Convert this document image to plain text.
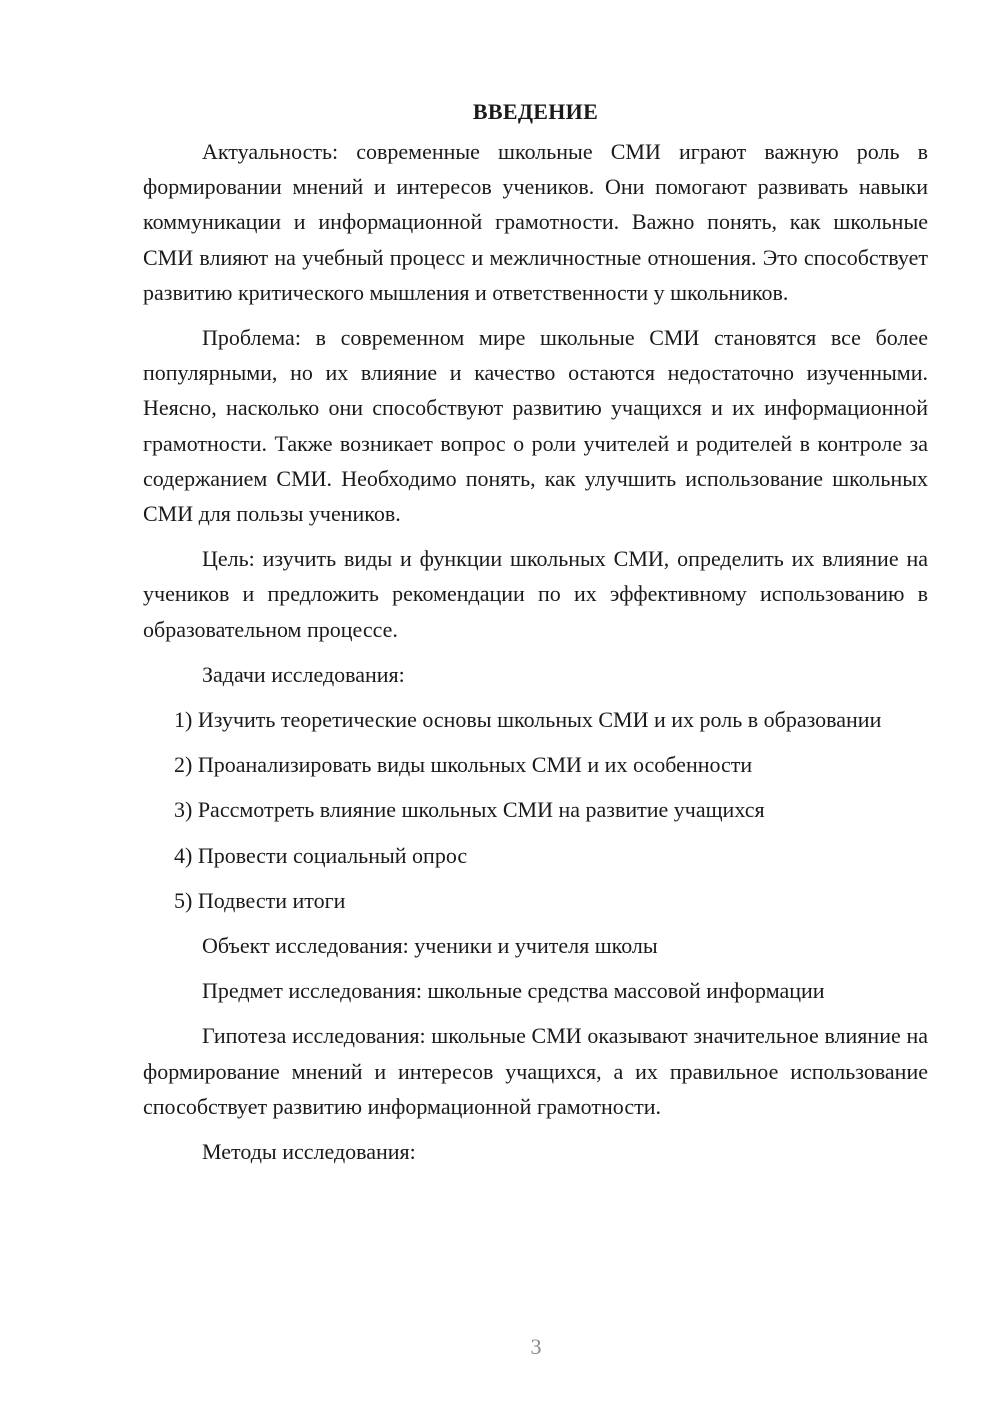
ВВЕДЕНИЕ

Актуальность: современные школьные СМИ играют важную роль в формировании мнений и интересов учеников. Они помогают развивать навыки коммуникации и информационной грамотности. Важно понять, как школьные СМИ влияют на учебный процесс и межличностные отношения. Это способствует развитию критического мышления и ответственности у школьников.

Проблема: в современном мире школьные СМИ становятся все более популярными, но их влияние и качество остаются недостаточно изученными. Неясно, насколько они способствуют развитию учащихся и их информационной грамотности. Также возникает вопрос о роли учителей и родителей в контроле за содержанием СМИ. Необходимо понять, как улучшить использование школьных СМИ для пользы учеников.

Цель: изучить виды и функции школьных СМИ, определить их влияние на учеников и предложить рекомендации по их эффективному использованию в образовательном процессе.

Задачи исследования:

1) Изучить теоретические основы школьных СМИ и их роль в образовании

2) Проанализировать виды школьных СМИ и их особенности

3) Рассмотреть влияние школьных СМИ на развитие учащихся

4) Провести социальный опрос

5) Подвести итоги

Объект исследования: ученики и учителя школы

Предмет исследования: школьные средства массовой информации

Гипотеза исследования: школьные СМИ оказывают значительное влияние на формирование мнений и интересов учащихся, а их правильное использование способствует развитию информационной грамотности.

Методы исследования:

3
